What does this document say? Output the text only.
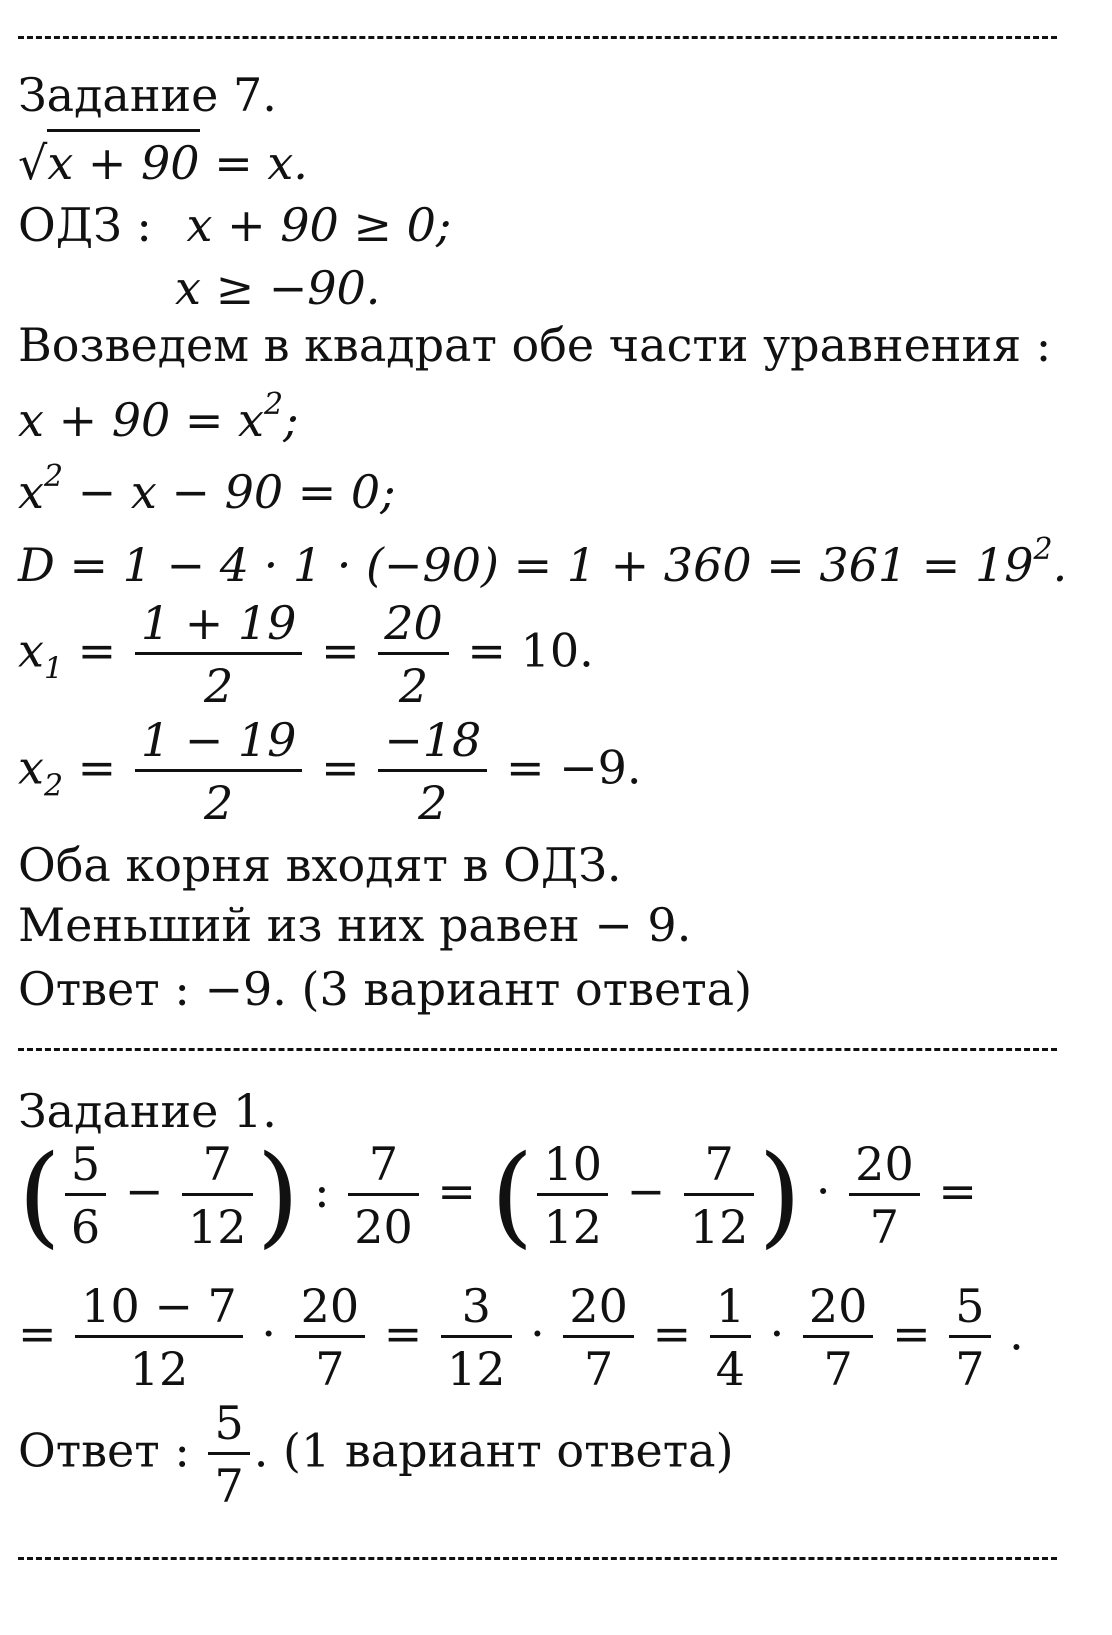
Задание 7.
√x + 90 = x.
ОДЗ : x + 90 ≥ 0;
x ≥ −90.
Возведем в квадрат обе части уравнения :
$x + 90 = x^2$;
$x^2 - x - 90 = 0$;
$D = 1 - 4 \cdot 1 \cdot (-90) = 1 + 360 = 361 = 19^2$.
$x_1 = \frac{1 + 19}{2} = \frac{20}{2} = 10$.
$x_2 = \frac{1 - 19}{2} = \frac{-18}{2} = -9$.
Оба корня входят в ОДЗ.
Меньший из них равен − 9.
Ответ : −9. (3 вариант ответа)
Задание 1.
( $\frac{5}{6} - \frac{7}{12}$ ) : $\frac{7}{20}$ = ( $\frac{10}{12} - \frac{7}{12}$ ) · $\frac{20}{7}$ =
= $\frac{10 - 7}{12} \cdot \frac{20}{7} = \frac{3}{12} \cdot \frac{20}{7} = \frac{1}{4} \cdot \frac{20}{7} = \frac{5}{7}$ .
Ответ : $\frac{5}{7}$ . (1 вариант ответа)
